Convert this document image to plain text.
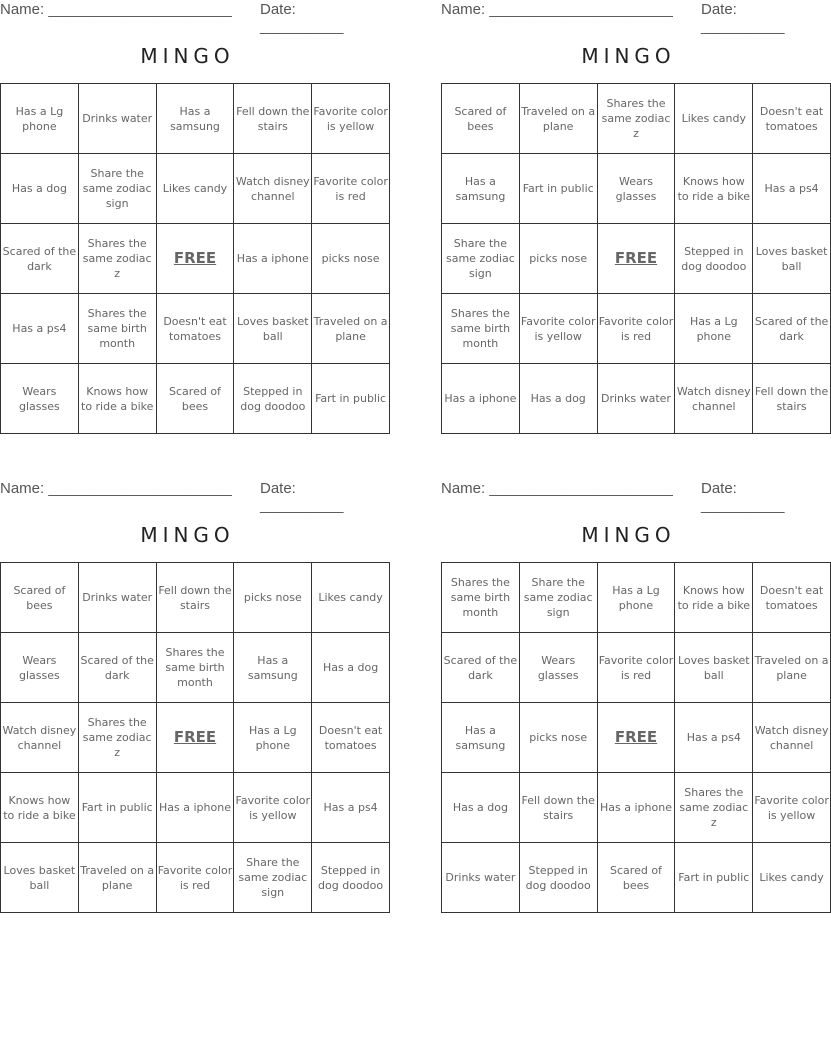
Name: ______________________ Date: __________
MINGO
Has a Lg phone	Drinks water	Has a samsung	Fell down the stairs	Favorite color is yellow
Has a dog	Share the same zodiac sign	Likes candy	Watch disney channel	Favorite color is red
Scared of the dark	Shares the same zodiac z	FREE	Has a iphone	picks nose
Has a ps4	Shares the same birth month	Doesn't eat tomatoes	Loves basket ball	Traveled on a plane
Wears glasses	Knows how to ride a bike	Scared of bees	Stepped in dog doodoo	Fart in public
Name: ______________________ Date: __________
MINGO
Scared of bees	Traveled on a plane	Shares the same zodiac z	Likes candy	Doesn't eat tomatoes
Has a samsung	Fart in public	Wears glasses	Knows how to ride a bike	Has a ps4
Share the same zodiac sign	picks nose	FREE	Stepped in dog doodoo	Loves basket ball
Shares the same birth month	Favorite color is yellow	Favorite color is red	Has a Lg phone	Scared of the dark
Has a iphone	Has a dog	Drinks water	Watch disney channel	Fell down the stairs
Name: ______________________ Date: __________
MINGO
Scared of bees	Drinks water	Fell down the stairs	picks nose	Likes candy
Wears glasses	Scared of the dark	Shares the same birth month	Has a samsung	Has a dog
Watch disney channel	Shares the same zodiac z	FREE	Has a Lg phone	Doesn't eat tomatoes
Knows how to ride a bike	Fart in public	Has a iphone	Favorite color is yellow	Has a ps4
Loves basket ball	Traveled on a plane	Favorite color is red	Share the same zodiac sign	Stepped in dog doodoo
Name: ______________________ Date: __________
MINGO
Shares the same birth month	Share the same zodiac sign	Has a Lg phone	Knows how to ride a bike	Doesn't eat tomatoes
Scared of the dark	Wears glasses	Favorite color is red	Loves basket ball	Traveled on a plane
Has a samsung	picks nose	FREE	Has a ps4	Watch disney channel
Has a dog	Fell down the stairs	Has a iphone	Shares the same zodiac z	Favorite color is yellow
Drinks water	Stepped in dog doodoo	Scared of bees	Fart in public	Likes candy
